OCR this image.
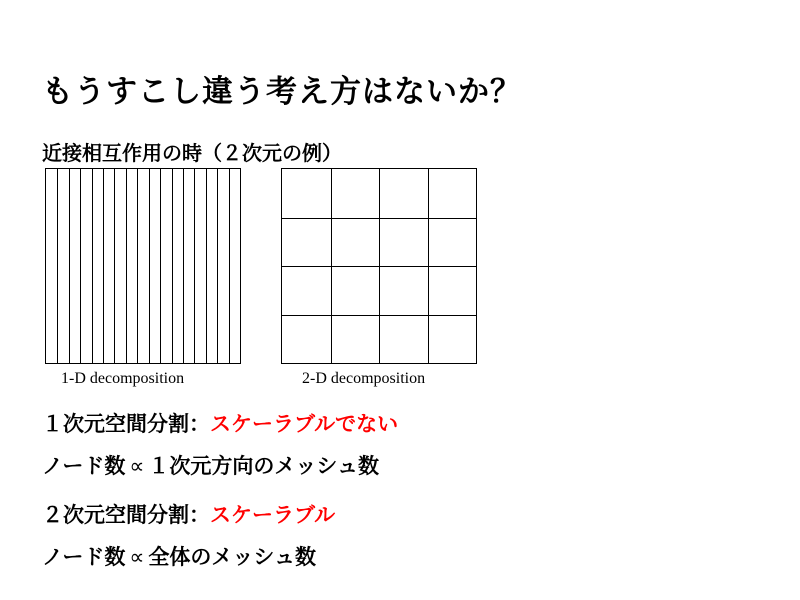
もうすこし違う考え方はないか？
近接相互作用の時（２次元の例）
1-D decomposition	2-D decomposition
１次元空間分割：スケーラブルでない
ノード数 ∝ １次元方向のメッシュ数
２次元空間分割：スケーラブル
ノード数 ∝ 全体のメッシュ数
